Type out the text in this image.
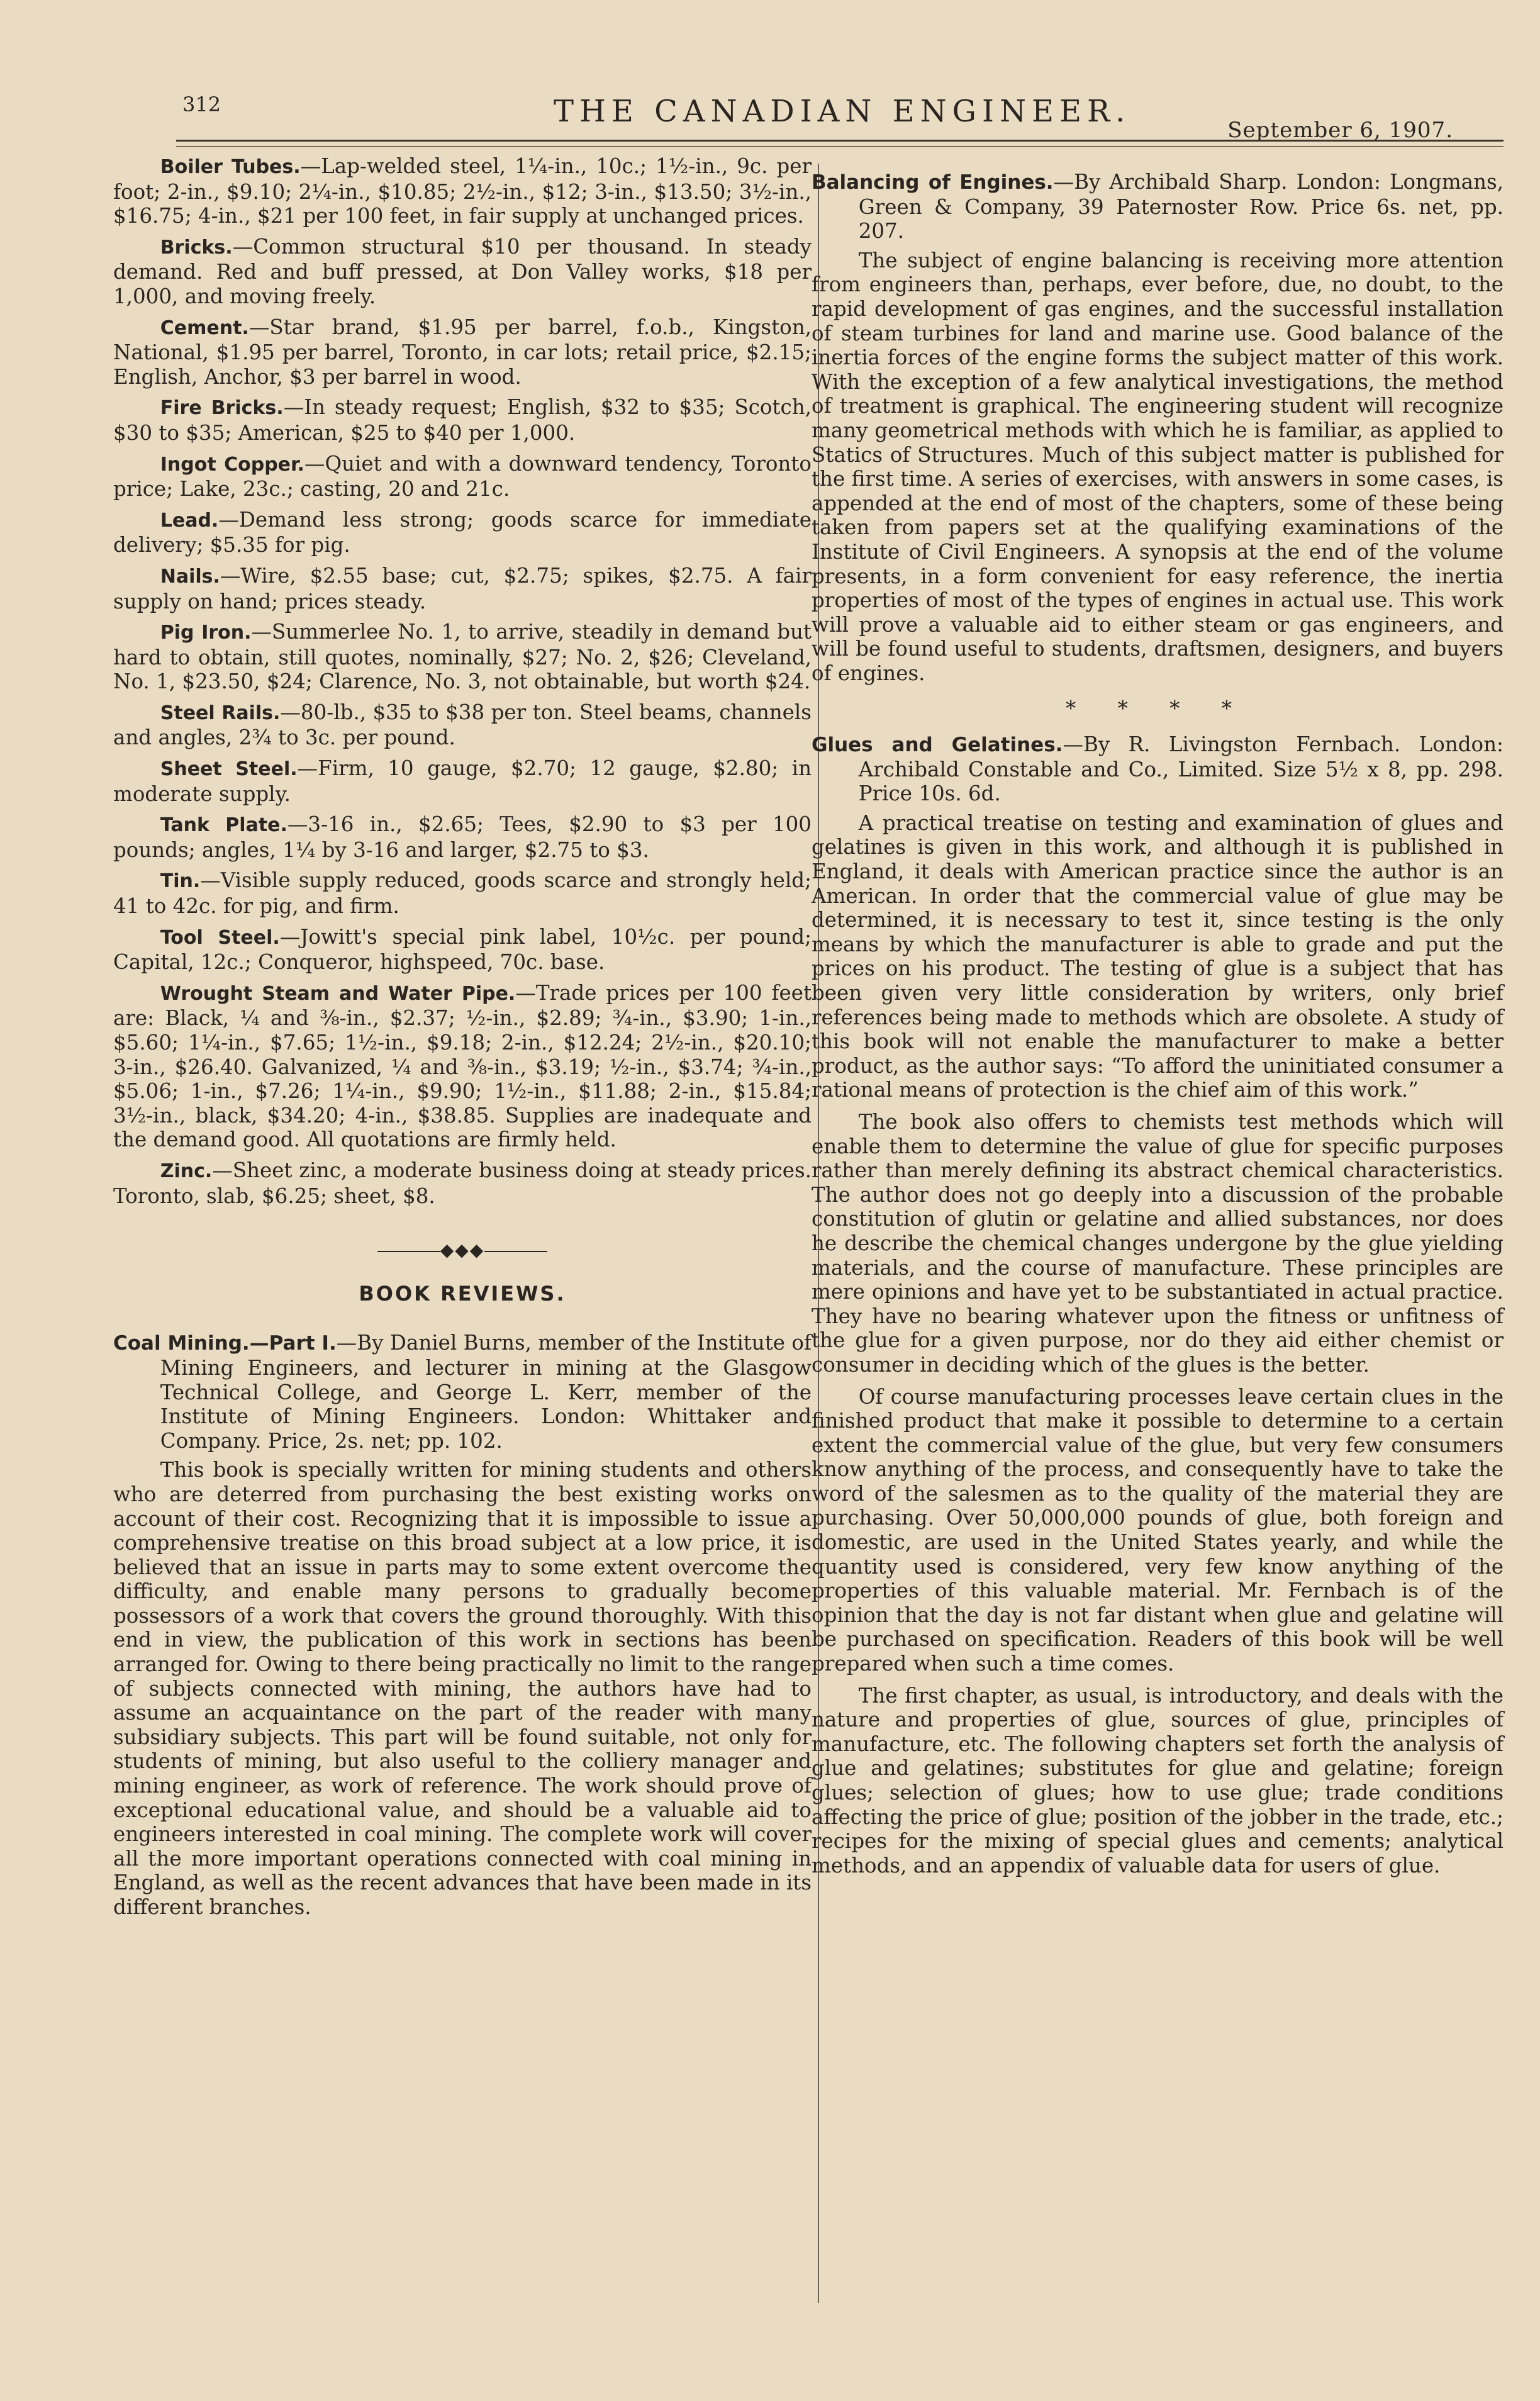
312	THE CANADIAN ENGINEER.
September 6, 1907.

Boiler Tubes.—Lap-welded steel, 1¼-in., 10c.; 1½-in., 9c. per foot; 2-in., $9.10; 2¼-in., $10.85; 2½-in., $12; 3-in., $13.50; 3½-in., $16.75; 4-in., $21 per 100 feet, in fair supply at unchanged prices.

Bricks.—Common structural $10 per thousand. In steady demand. Red and buff pressed, at Don Valley works, $18 per 1,000, and moving freely.

Cement.—Star brand, $1.95 per barrel, f.o.b., Kingston, National, $1.95 per barrel, Toronto, in car lots; retail price, $2.15; English, Anchor, $3 per barrel in wood.

Fire Bricks.—In steady request; English, $32 to $35; Scotch, $30 to $35; American, $25 to $40 per 1,000.

Ingot Copper.—Quiet and with a downward tendency, Toronto price; Lake, 23c.; casting, 20 and 21c.

Lead.—Demand less strong; goods scarce for immediate delivery; $5.35 for pig.

Nails.—Wire, $2.55 base; cut, $2.75; spikes, $2.75. A fair supply on hand; prices steady.

Pig Iron.—Summerlee No. 1, to arrive, steadily in demand but hard to obtain, still quotes, nominally, $27; No. 2, $26; Cleveland, No. 1, $23.50, $24; Clarence, No. 3, not obtainable, but worth $24.

Steel Rails.—80-lb., $35 to $38 per ton. Steel beams, channels and angles, 2¾ to 3c. per pound.

Sheet Steel.—Firm, 10 gauge, $2.70; 12 gauge, $2.80; in moderate supply.

Tank Plate.—3-16 in., $2.65; Tees, $2.90 to $3 per 100 pounds; angles, 1¼ by 3-16 and larger, $2.75 to $3.

Tin.—Visible supply reduced, goods scarce and strongly held; 41 to 42c. for pig, and firm.

Tool Steel.—Jowitt's special pink label, 10½c. per pound; Capital, 12c.; Conqueror, highspeed, 70c. base.

Wrought Steam and Water Pipe.—Trade prices per 100 feet are: Black, ¼ and ⅜-in., $2.37; ½-in., $2.89; ¾-in., $3.90; 1-in., $5.60; 1¼-in., $7.65; 1½-in., $9.18; 2-in., $12.24; 2½-in., $20.10; 3-in., $26.40. Galvanized, ¼ and ⅜-in., $3.19; ½-in., $3.74; ¾-in., $5.06; 1-in., $7.26; 1¼-in., $9.90; 1½-in., $11.88; 2-in., $15.84; 3½-in., black, $34.20; 4-in., $38.85. Supplies are inadequate and the demand good. All quotations are firmly held.

Zinc.—Sheet zinc, a moderate business doing at steady prices. Toronto, slab, $6.25; sheet, $8.

◆◆◆
BOOK REVIEWS.

Coal Mining.—Part I.—By Daniel Burns, member of the Institute of Mining Engineers, and lecturer in mining at the Glasgow Technical College, and George L. Kerr, member of the Institute of Mining Engineers. London: Whittaker and Company. Price, 2s. net; pp. 102.

This book is specially written for mining students and others who are deterred from purchasing the best existing works on account of their cost. Recognizing that it is impossible to issue a comprehensive treatise on this broad subject at a low price, it is believed that an issue in parts may to some extent overcome the difficulty, and enable many persons to gradually become possessors of a work that covers the ground thoroughly. With this end in view, the publication of this work in sections has been arranged for. Owing to there being practically no limit to the range of subjects connected with mining, the authors have had to assume an acquaintance on the part of the reader with many subsidiary subjects. This part will be found suitable, not only for students of mining, but also useful to the colliery manager and mining engineer, as work of reference. The work should prove of exceptional educational value, and should be a valuable aid to engineers interested in coal mining. The complete work will cover all the more important operations connected with coal mining in England, as well as the recent advances that have been made in its different branches.

Balancing of Engines.—By Archibald Sharp. London: Longmans, Green & Company, 39 Paternoster Row. Price 6s. net, pp. 207.

The subject of engine balancing is receiving more attention from engineers than, perhaps, ever before, due, no doubt, to the rapid development of gas engines, and the successful installation of steam turbines for land and marine use. Good balance of the inertia forces of the engine forms the subject matter of this work. With the exception of a few analytical investigations, the method of treatment is graphical. The engineering student will recognize many geometrical methods with which he is familiar, as applied to Statics of Structures. Much of this subject matter is published for the first time. A series of exercises, with answers in some cases, is appended at the end of most of the chapters, some of these being taken from papers set at the qualifying examinations of the Institute of Civil Engineers. A synopsis at the end of the volume presents, in a form convenient for easy reference, the inertia properties of most of the types of engines in actual use. This work will prove a valuable aid to either steam or gas engineers, and will be found useful to students, draftsmen, designers, and buyers of engines.

* * * *

Glues and Gelatines.—By R. Livingston Fernbach. London: Archibald Constable and Co., Limited. Size 5½ x 8, pp. 298. Price 10s. 6d.

A practical treatise on testing and examination of glues and gelatines is given in this work, and although it is published in England, it deals with American practice since the author is an American. In order that the commercial value of glue may be determined, it is necessary to test it, since testing is the only means by which the manufacturer is able to grade and put the prices on his product. The testing of glue is a subject that has been given very little consideration by writers, only brief references being made to methods which are obsolete. A study of this book will not enable the manufacturer to make a better product, as the author says: “To afford the uninitiated consumer a rational means of protection is the chief aim of this work.”

The book also offers to chemists test methods which will enable them to determine the value of glue for specific purposes rather than merely defining its abstract chemical characteristics. The author does not go deeply into a discussion of the probable constitution of glutin or gelatine and allied substances, nor does he describe the chemical changes undergone by the glue yielding materials, and the course of manufacture. These principles are mere opinions and have yet to be substantiated in actual practice. They have no bearing whatever upon the fitness or unfitness of the glue for a given purpose, nor do they aid either chemist or consumer in deciding which of the glues is the better.

Of course manufacturing processes leave certain clues in the finished product that make it possible to determine to a certain extent the commercial value of the glue, but very few consumers know anything of the process, and consequently have to take the word of the salesmen as to the quality of the material they are purchasing. Over 50,000,000 pounds of glue, both foreign and domestic, are used in the United States yearly, and while the quantity used is considered, very few know anything of the properties of this valuable material. Mr. Fernbach is of the opinion that the day is not far distant when glue and gelatine will be purchased on specification. Readers of this book will be well prepared when such a time comes.

The first chapter, as usual, is introductory, and deals with the nature and properties of glue, sources of glue, principles of manufacture, etc. The following chapters set forth the analysis of glue and gelatines; substitutes for glue and gelatine; foreign glues; selection of glues; how to use glue; trade conditions affecting the price of glue; position of the jobber in the trade, etc.; recipes for the mixing of special glues and cements; analytical methods, and an appendix of valuable data for users of glue.
